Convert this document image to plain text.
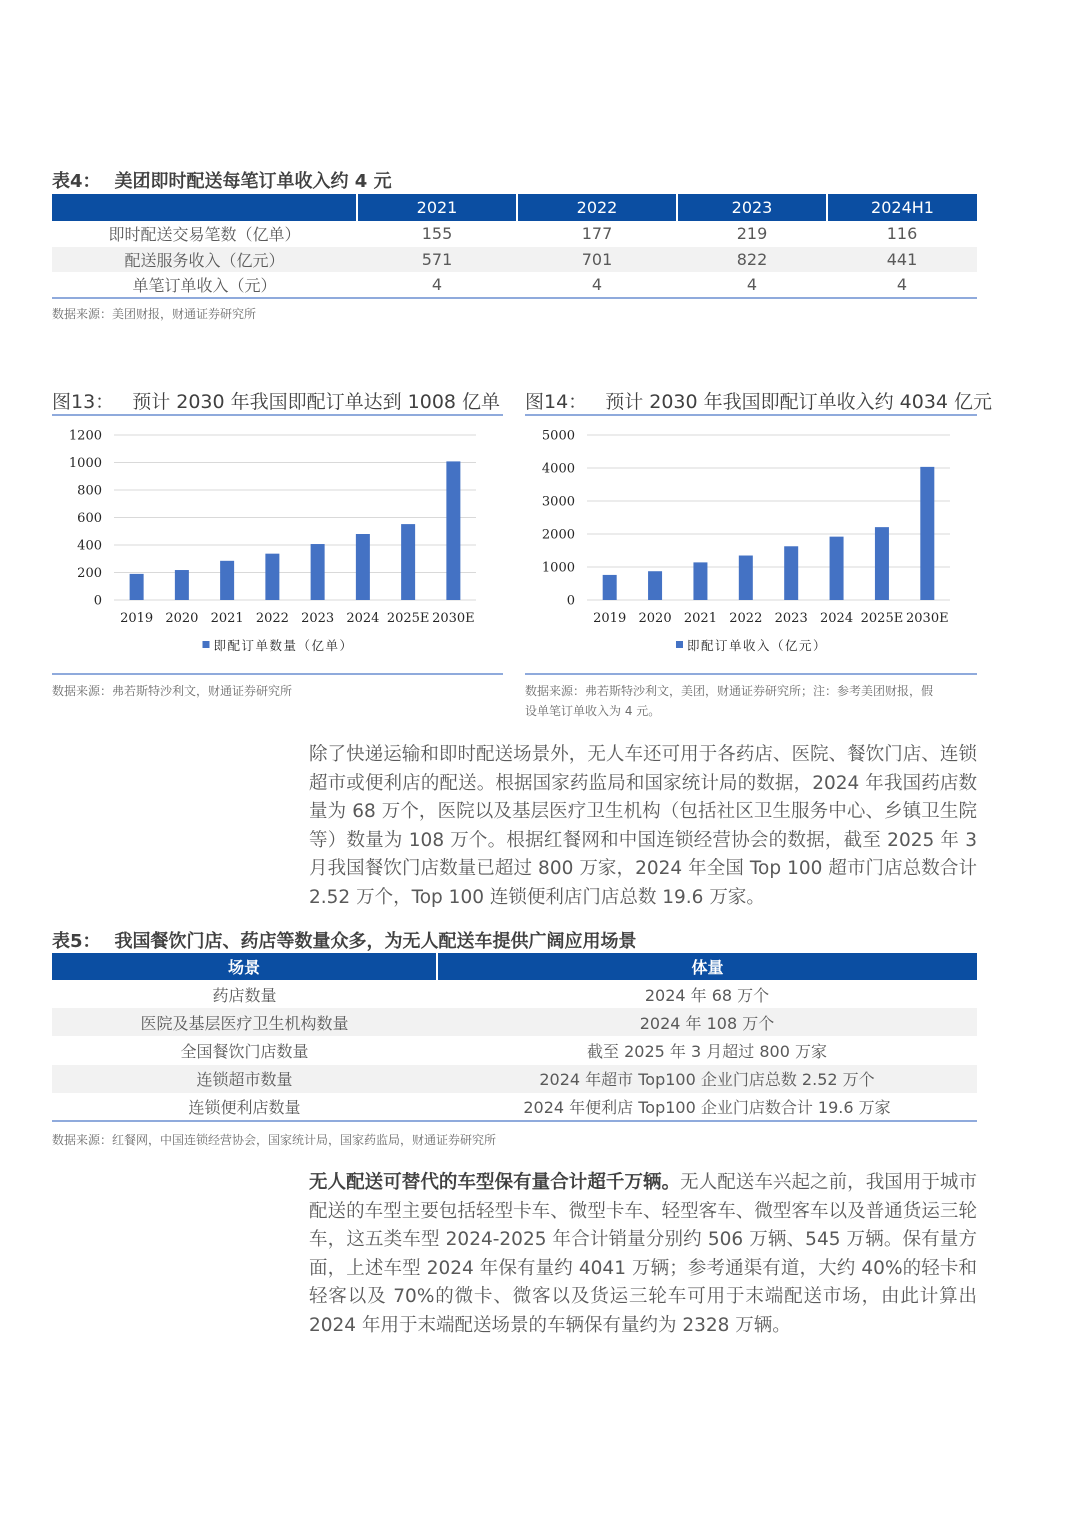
表4： 美团即时配送每笔订单收入约 4 元
	2021	2022	2023	2024H1
即时配送交易笔数（亿单）	155	177	219	116
配送服务收入（亿元）	571	701	822	441
单笔订单收入（元）	4	4	4	4
数据来源：美团财报，财通证券研究所
图13： 预计 2030 年我国即配订单达到 1008 亿单
0
200
400
600
800
1000
1200
2019 2020 2021 2022 2023 2024 2025E 2030E
即配订单数量（亿单）
数据来源：弗若斯特沙利文，财通证券研究所
图14： 预计 2030 年我国即配订单收入约 4034 亿元
0
1000
2000
3000
4000
5000
2019 2020 2021 2022 2023 2024 2025E 2030E
即配订单收入（亿元）
数据来源：弗若斯特沙利文，美团，财通证券研究所；注：参考美团财报，假
设单笔订单收入为 4 元。

除了快递运输和即时配送场景外，无人车还可用于各药店、医院、餐饮门店、连锁超市或便利店的配送。根据国家药监局和国家统计局的数据，2024 年我国药店数量为 68 万个，医院以及基层医疗卫生机构（包括社区卫生服务中心、乡镇卫生院等）数量为 108 万个。根据红餐网和中国连锁经营协会的数据，截至 2025 年 3 月我国餐饮门店数量已超过 800 万家，2024 年全国 Top 100 超市门店总数合计 2.52 万个，Top 100 连锁便利店门店总数 19.6 万家。

表5： 我国餐饮门店、药店等数量众多，为无人配送车提供广阔应用场景
场景	体量
药店数量	2024 年 68 万个
医院及基层医疗卫生机构数量	2024 年 108 万个
全国餐饮门店数量	截至 2025 年 3 月超过 800 万家
连锁超市数量	2024 年超市 Top100 企业门店总数 2.52 万个
连锁便利店数量	2024 年便利店 Top100 企业门店数合计 19.6 万家
数据来源：红餐网，中国连锁经营协会，国家统计局，国家药监局，财通证券研究所

无人配送可替代的车型保有量合计超千万辆。无人配送车兴起之前，我国用于城市配送的车型主要包括轻型卡车、微型卡车、轻型客车、微型客车以及普通货运三轮车，这五类车型 2024-2025 年合计销量分别约 506 万辆、545 万辆。保有量方面，上述车型 2024 年保有量约 4041 万辆；参考通渠有道，大约 40%的轻卡和轻客以及 70%的微卡、微客以及货运三轮车可用于末端配送市场，由此计算出 2024 年用于末端配送场景的车辆保有量约为 2328 万辆。
